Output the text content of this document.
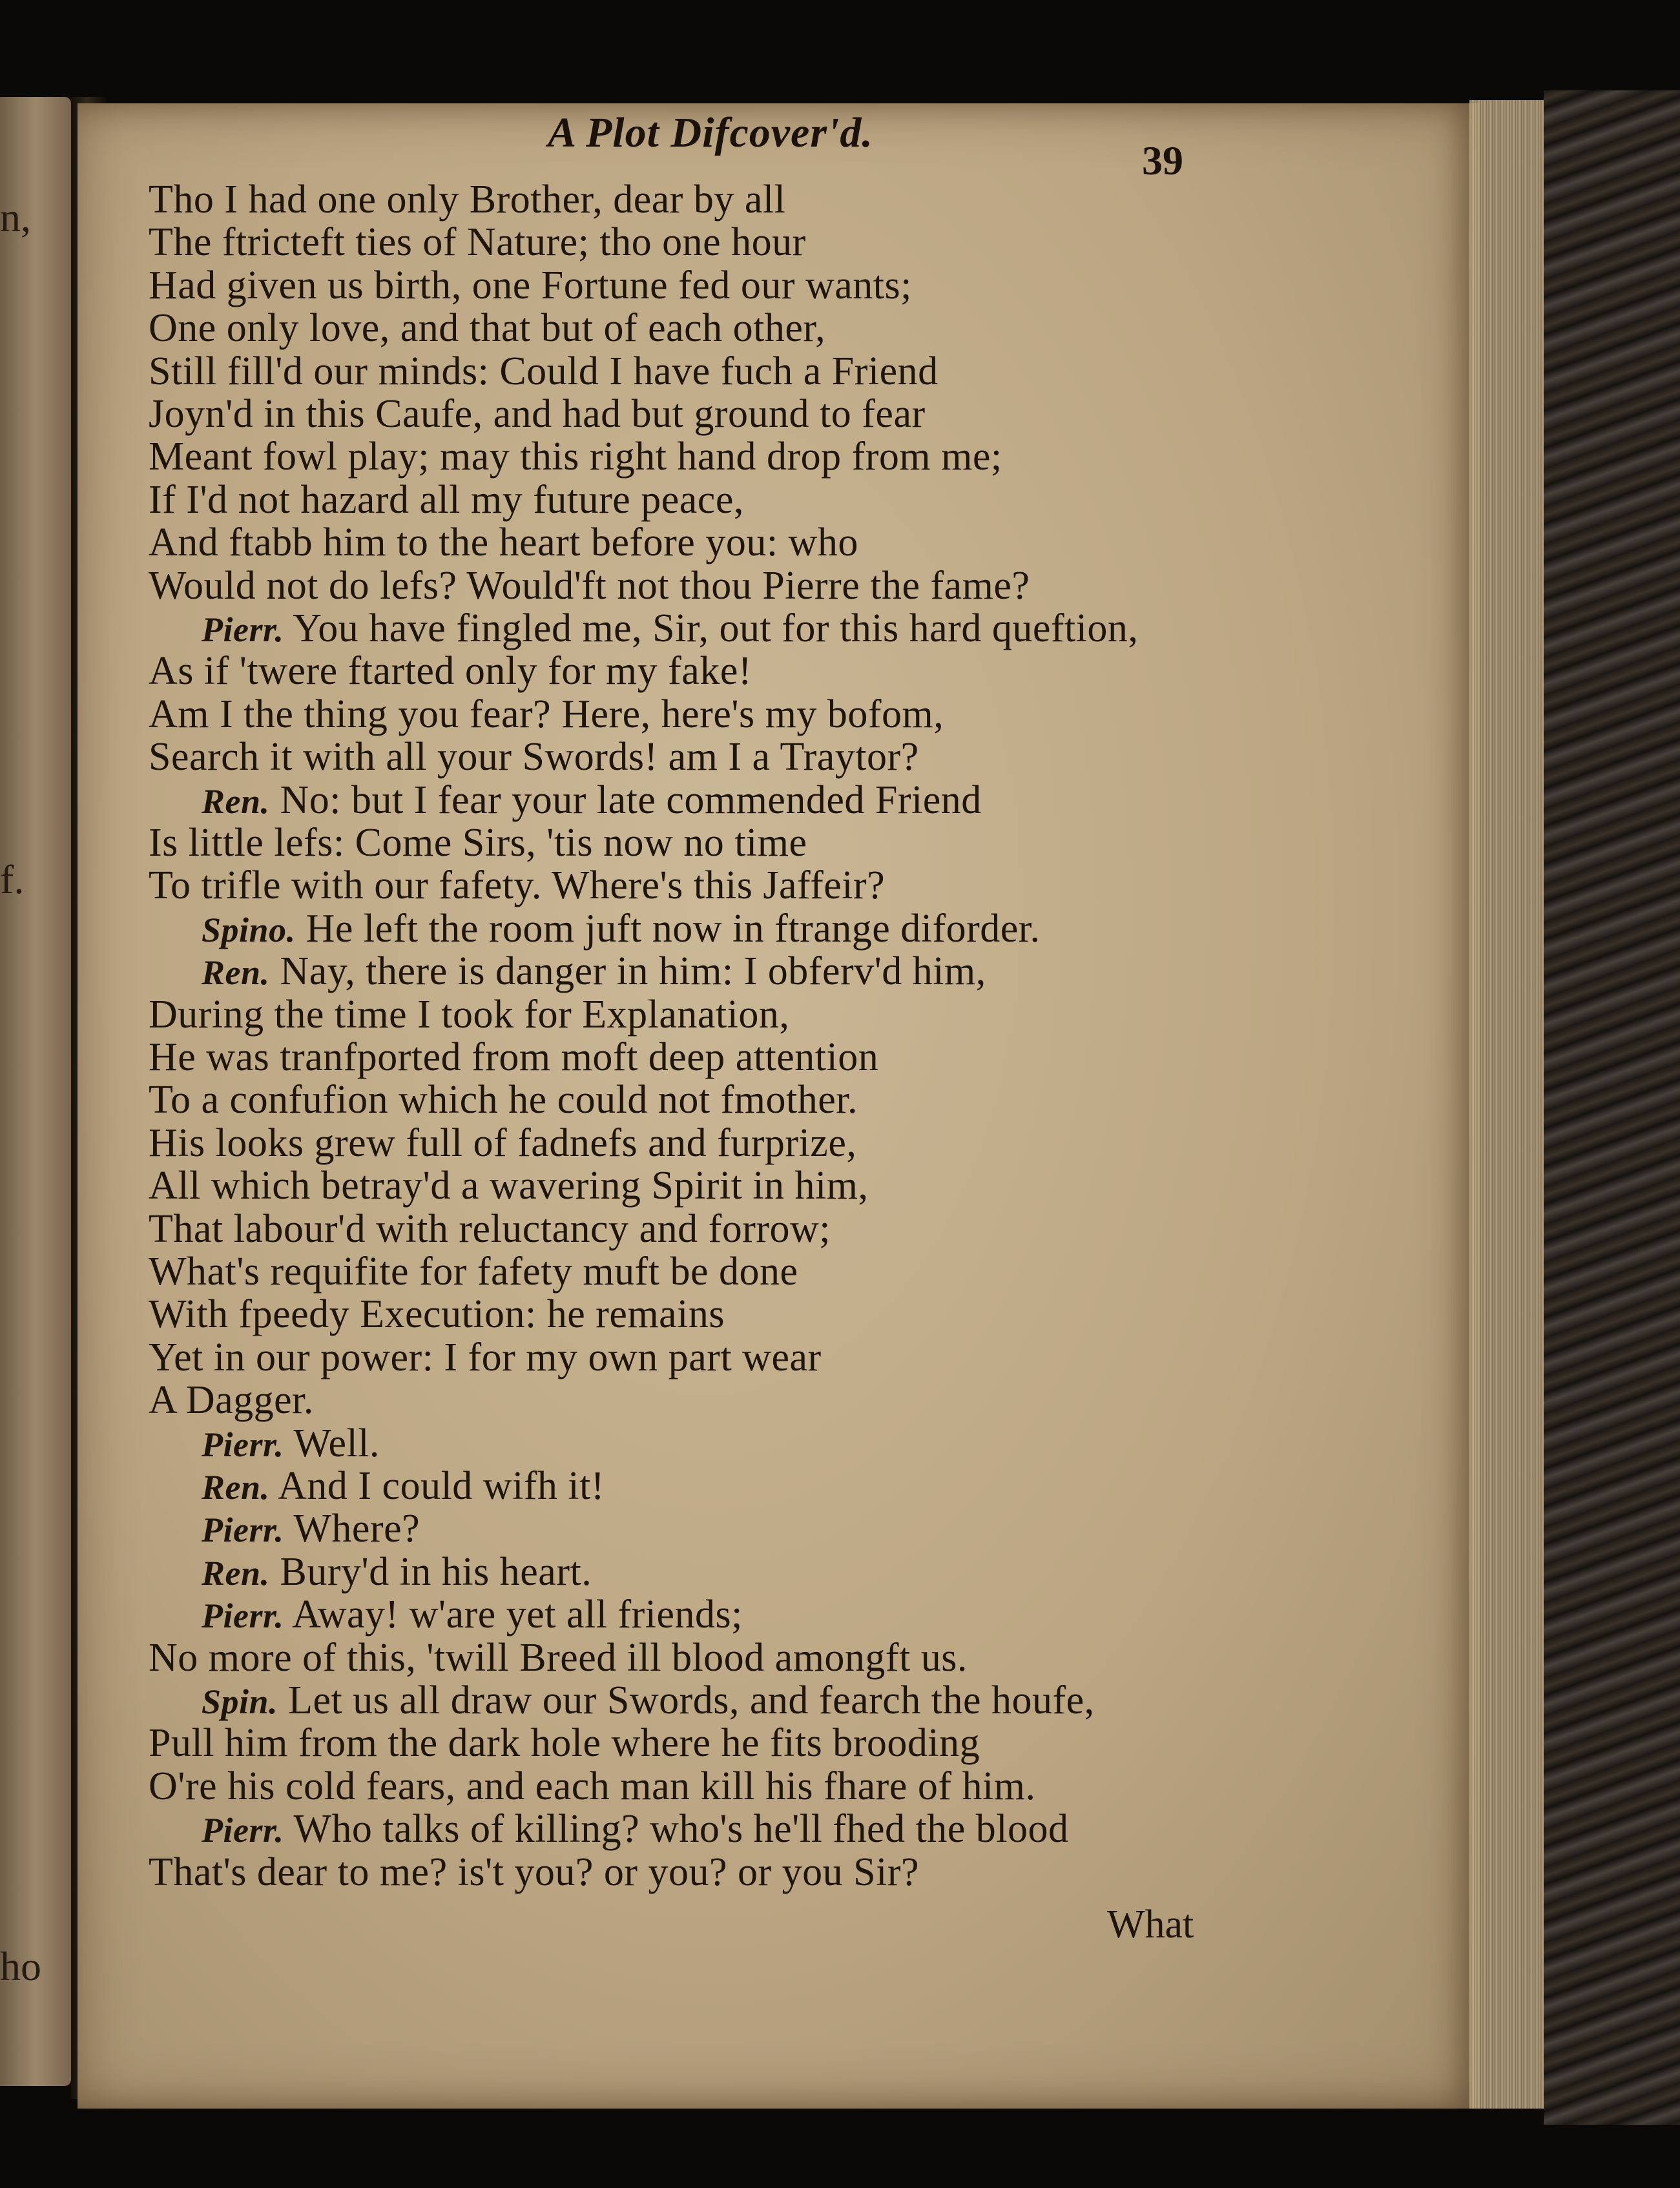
A Plot Difcover'd.
39
n,
f.
ho
Tho I had one only Brother, dear by all
The ftricteft ties of Nature; tho one hour
Had given us birth, one Fortune fed our wants;
One only love, and that but of each other,
Still fill'd our minds: Could I have fuch a Friend
Joyn'd in this Caufe, and had but ground to fear
Meant fowl play; may this right hand drop from me;
If I'd not hazard all my future peace,
And ftabb him to the heart before you: who
Would not do lefs? Would'ft not thou Pierre the fame?
Pierr. You have fingled me, Sir, out for this hard queftion,
As if 'twere ftarted only for my fake!
Am I the thing you fear? Here, here's my bofom,
Search it with all your Swords! am I a Traytor?
Ren. No: but I fear your late commended Friend
Is little lefs: Come Sirs, 'tis now no time
To trifle with our fafety. Where's this Jaffeir?
Spino. He left the room juft now in ftrange diforder.
Ren. Nay, there is danger in him: I obferv'd him,
During the time I took for Explanation,
He was tranfported from moft deep attention
To a confufion which he could not fmother.
His looks grew full of fadnefs and furprize,
All which betray'd a wavering Spirit in him,
That labour'd with reluctancy and forrow;
What's requifite for fafety muft be done
With fpeedy Execution: he remains
Yet in our power: I for my own part wear
A Dagger.
Pierr. Well.
Ren. And I could wifh it!
Pierr. Where?
Ren. Bury'd in his heart.
Pierr. Away! w'are yet all friends;
No more of this, 'twill Breed ill blood amongft us.
Spin. Let us all draw our Swords, and fearch the houfe,
Pull him from the dark hole where he fits brooding
O're his cold fears, and each man kill his fhare of him.
Pierr. Who talks of killing? who's he'll fhed the blood
That's dear to me? is't you? or you? or you Sir?
What
